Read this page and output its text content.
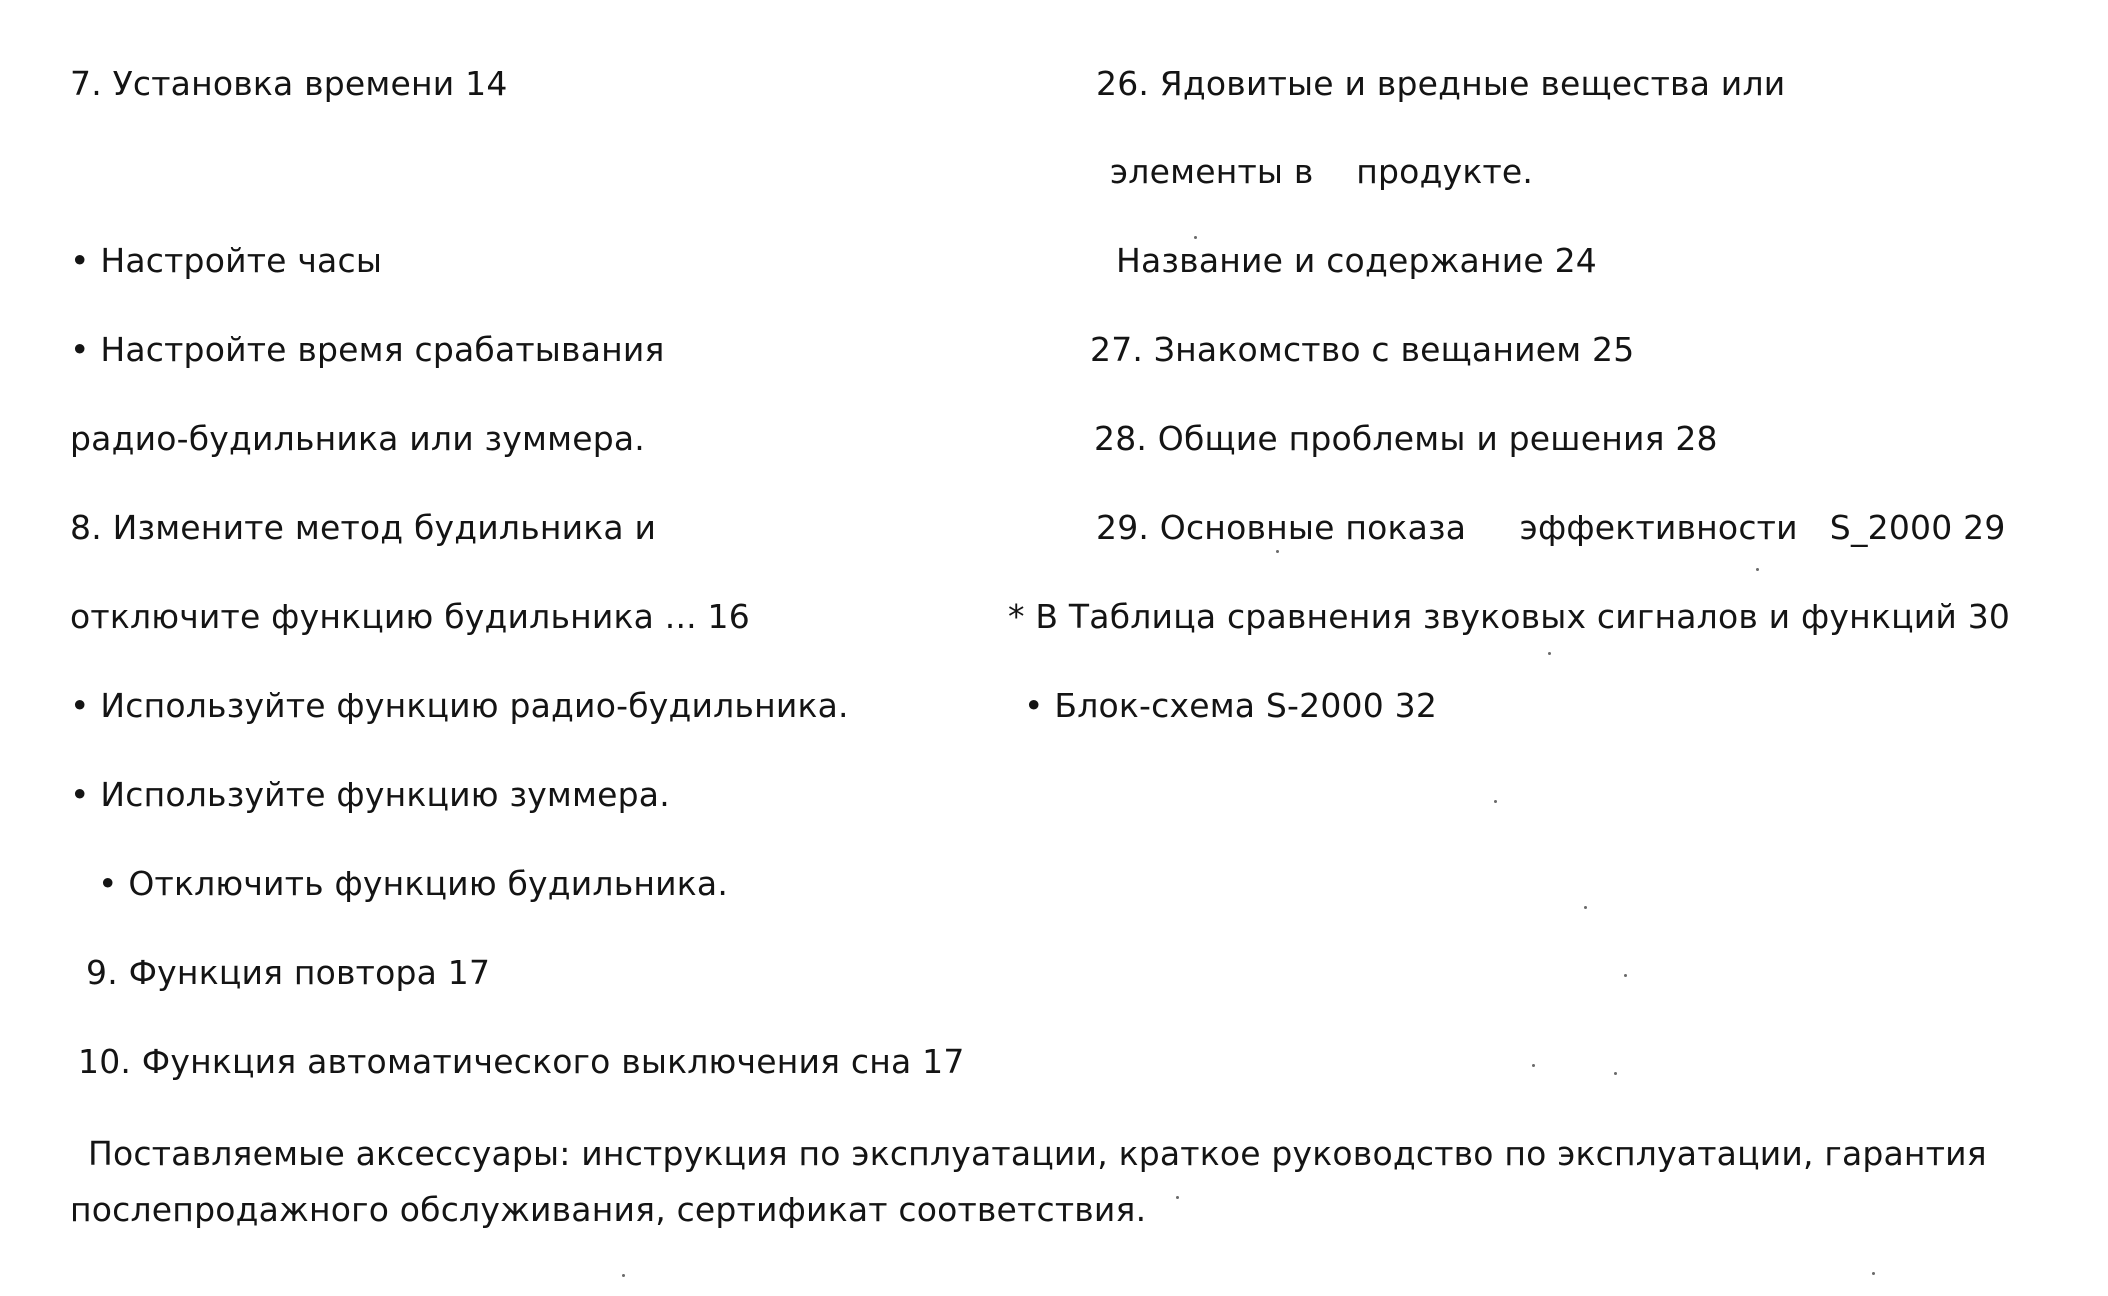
7. Установка времени 14
• Настройте часы
• Настройте время срабатывания
радио-будильника или зуммера.
8. Измените метод будильника и
отключите функцию будильника ... 16
• Используйте функцию радио-будильника.
• Используйте функцию зуммера.
• Отключить функцию будильника.
9. Функция повтора 17
10. Функция автоматического выключения сна 17
26. Ядовитые и вредные вещества или
элементы в    продукте.
Название и содержание 24
27. Знакомство с вещанием 25
28. Общие проблемы и решения 28
29. Основные показа     эффективности   S_2000 29
* В Таблица сравнения звуковых сигналов и функций 30
• Блок-схема S-2000 32
Поставляемые аксессуары: инструкция по эксплуатации, краткое руководство по эксплуатации, гарантия послепродажного обслуживания, сертификат соответствия.
